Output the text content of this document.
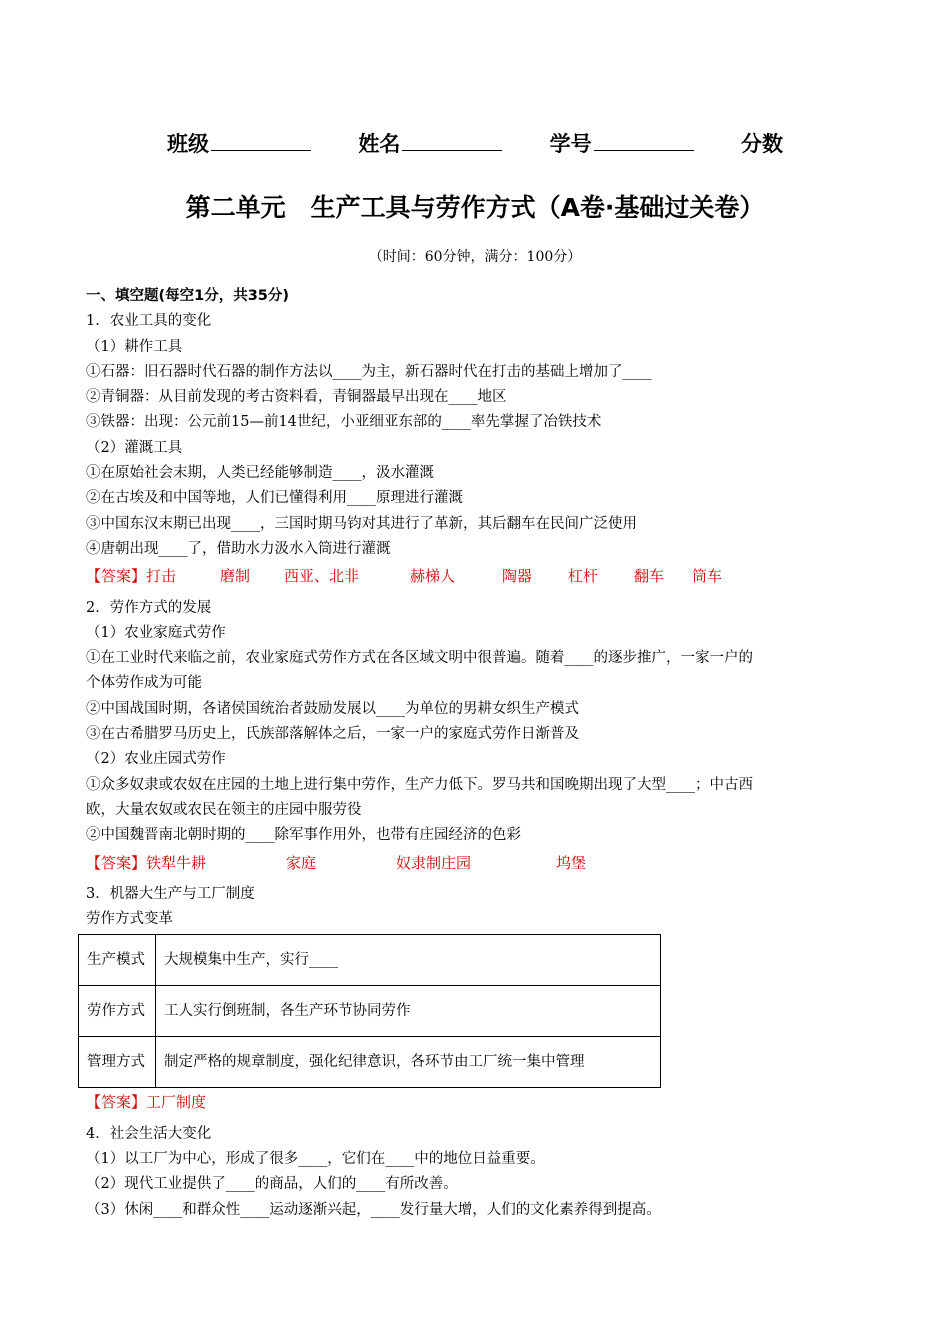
班级	姓名	学号	分数
第二单元　生产工具与劳作方式（A卷·基础过关卷）
（时间：60分钟，满分：100分）
一、填空题(每空1分，共35分)
1．农业工具的变化
（1）耕作工具
①石器：旧石器时代石器的制作方法以____为主，新石器时代在打击的基础上增加了____
②青铜器：从目前发现的考古资料看，青铜器最早出现在____地区
③铁器：出现：公元前15—前14世纪，小亚细亚东部的____率先掌握了冶铁技术
（2）灌溉工具
①在原始社会末期，人类已经能够制造____，汲水灌溉
②在古埃及和中国等地，人们已懂得利用____原理进行灌溉
③中国东汉末期已出现____，三国时期马钧对其进行了革新，其后翻车在民间广泛使用
④唐朝出现____了，借助水力汲水入筒进行灌溉
【答案】打击	磨制 西亚、北非	赫梯人	陶器 杠杆 翻车 筒车
2．劳作方式的发展
（1）农业家庭式劳作
①在工业时代来临之前，农业家庭式劳作方式在各区域文明中很普遍。随着____的逐步推广，一家一户的
个体劳作成为可能
②中国战国时期，各诸侯国统治者鼓励发展以____为单位的男耕女织生产模式
③在古希腊罗马历史上，氏族部落解体之后，一家一户的家庭式劳作日渐普及
（2）农业庄园式劳作
①众多奴隶或农奴在庄园的土地上进行集中劳作，生产力低下。罗马共和国晚期出现了大型____；中古西
欧，大量农奴或农民在领主的庄园中服劳役
②中国魏晋南北朝时期的____除军事作用外，也带有庄园经济的色彩
【答案】铁犁牛耕	家庭	奴隶制庄园	坞堡
3．机器大生产与工厂制度
劳作方式变革
生产模式	大规模集中生产，实行____
劳作方式	工人实行倒班制，各生产环节协同劳作
管理方式	制定严格的规章制度，强化纪律意识，各环节由工厂统一集中管理
【答案】工厂制度
4．社会生活大变化
（1）以工厂为中心，形成了很多____，它们在____中的地位日益重要。
（2）现代工业提供了____的商品，人们的____有所改善。
（3）休闲____和群众性____运动逐渐兴起，____发行量大增，人们的文化素养得到提高。
